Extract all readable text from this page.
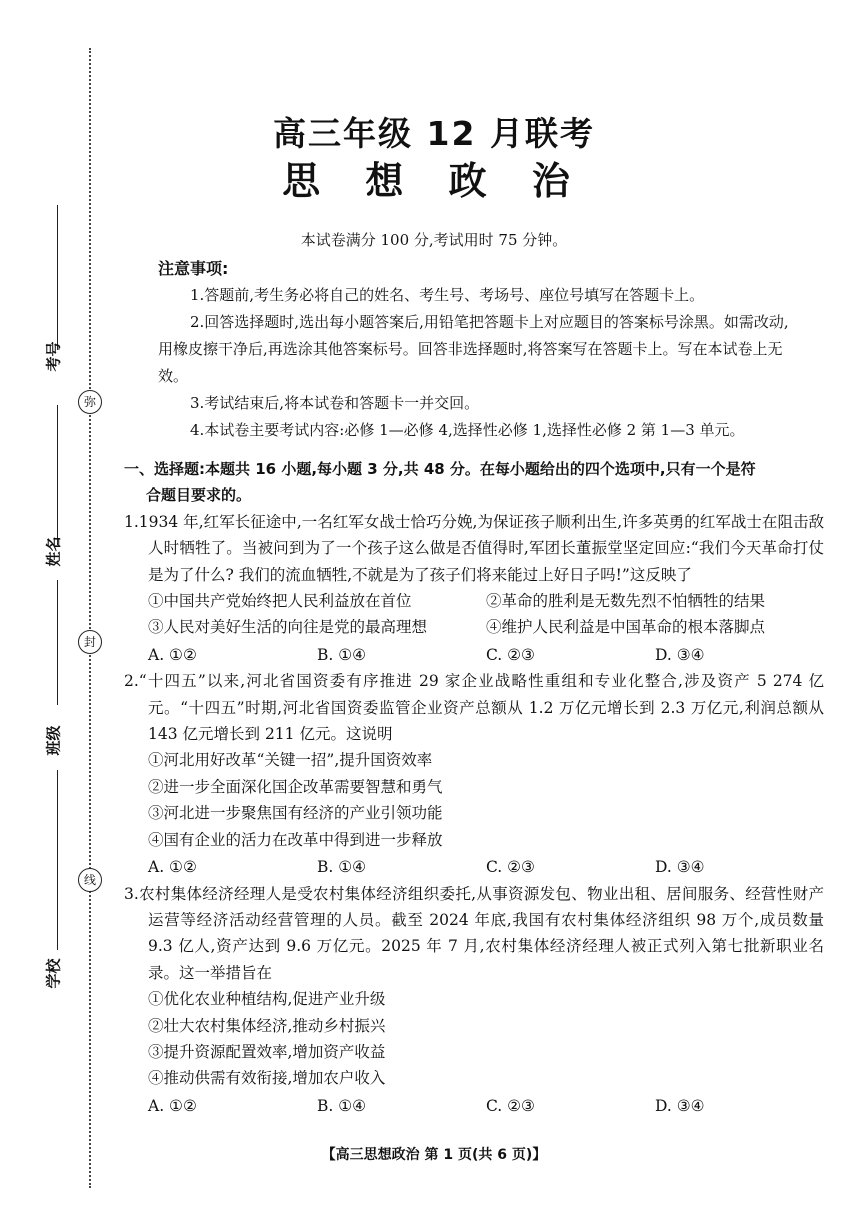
考号
姓名
班级
学校
弥
封
线
高三年级 12 月联考
思 想 政 治
本试卷满分 100 分,考试用时 75 分钟。
注意事项:
1.答题前,考生务必将自己的姓名、考生号、考场号、座位号填写在答题卡上。
2.回答选择题时,选出每小题答案后,用铅笔把答题卡上对应题目的答案标号涂黑。如需改动,用橡皮擦干净后,再选涂其他答案标号。回答非选择题时,将答案写在答题卡上。写在本试卷上无效。
3.考试结束后,将本试卷和答题卡一并交回。
4.本试卷主要考试内容:必修 1—必修 4,选择性必修 1,选择性必修 2 第 1—3 单元。
一、选择题:本题共 16 小题,每小题 3 分,共 48 分。在每小题给出的四个选项中,只有一个是符
合题目要求的。
1.1934 年,红军长征途中,一名红军女战士恰巧分娩,为保证孩子顺利出生,许多英勇的红军战士在阻击敌人时牺牲了。当被问到为了一个孩子这么做是否值得时,军团长董振堂坚定回应:“我们今天革命打仗是为了什么? 我们的流血牺牲,不就是为了孩子们将来能过上好日子吗!”这反映了
①中国共产党始终把人民利益放在首位	②革命的胜利是无数先烈不怕牺牲的结果
③人民对美好生活的向往是党的最高理想	④维护人民利益是中国革命的根本落脚点
A. ①②	B. ①④	C. ②③	D. ③④
2.“十四五”以来,河北省国资委有序推进 29 家企业战略性重组和专业化整合,涉及资产 5 274 亿元。“十四五”时期,河北省国资委监管企业资产总额从 1.2 万亿元增长到 2.3 万亿元,利润总额从 143 亿元增长到 211 亿元。这说明
①河北用好改革“关键一招”,提升国资效率
②进一步全面深化国企改革需要智慧和勇气
③河北进一步聚焦国有经济的产业引领功能
④国有企业的活力在改革中得到进一步释放
A. ①②	B. ①④	C. ②③	D. ③④
3.农村集体经济经理人是受农村集体经济组织委托,从事资源发包、物业出租、居间服务、经营性财产运营等经济活动经营管理的人员。截至 2024 年底,我国有农村集体经济组织 98 万个,成员数量 9.3 亿人,资产达到 9.6 万亿元。2025 年 7 月,农村集体经济经理人被正式列入第七批新职业名录。这一举措旨在
①优化农业种植结构,促进产业升级
②壮大农村集体经济,推动乡村振兴
③提升资源配置效率,增加资产收益
④推动供需有效衔接,增加农户收入
A. ①②	B. ①④	C. ②③	D. ③④
【高三思想政治 第 1 页(共 6 页)】
